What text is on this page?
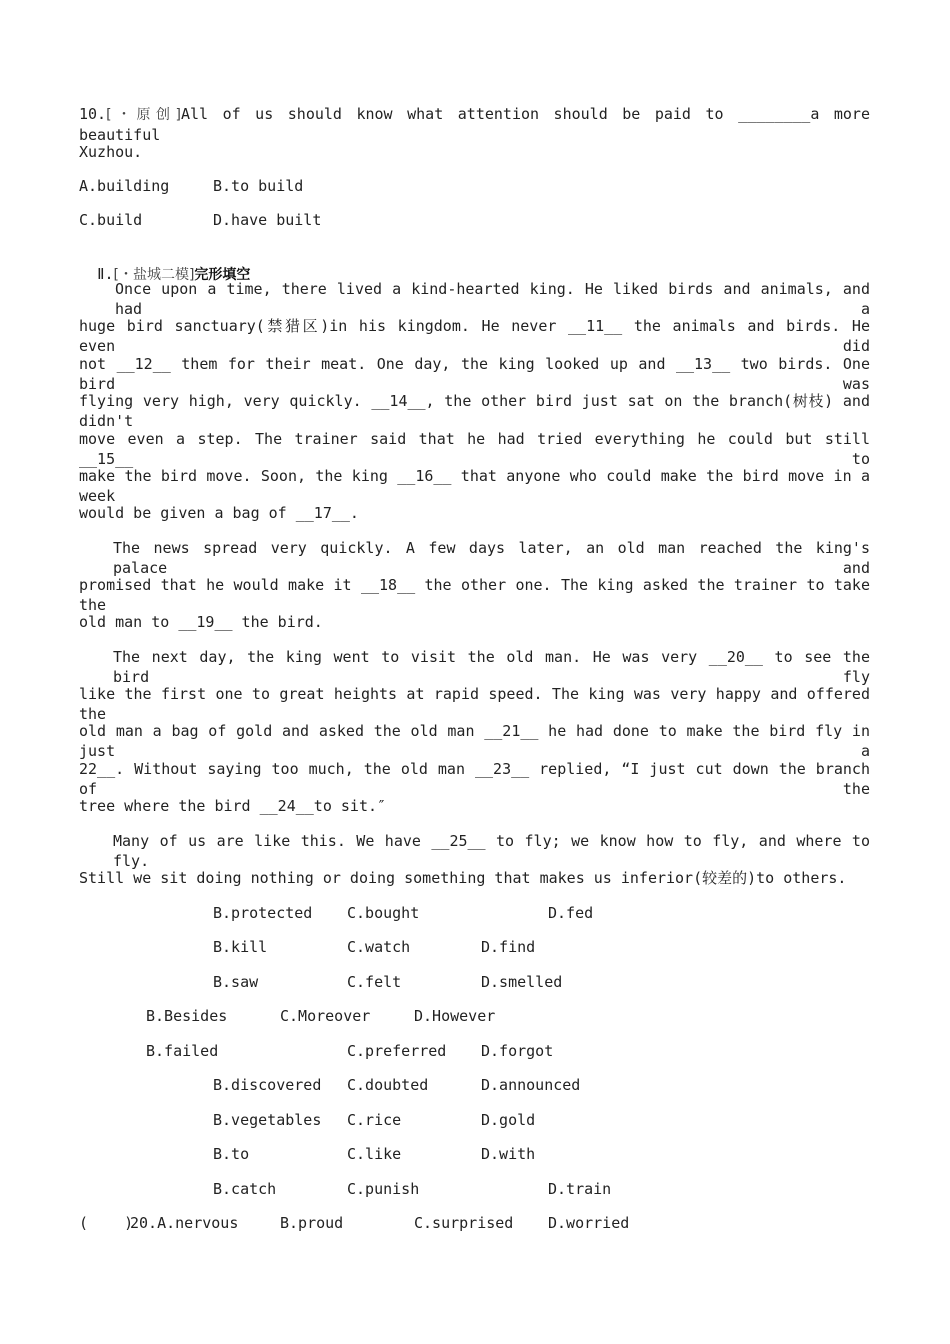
10.[・原创]All of us should know what attention should be paid to ________a more beautiful
Xuzhou.
A.building	B.to build
C.build	D.have built

Ⅱ.[・盐城二模]完形填空

Once upon a time, there lived a kind-hearted king. He liked birds and animals, and had a
huge bird sanctuary(禁猎区)in his kingdom. He never __11__ the animals and birds. He even did
not __12__ them for their meat. One day, the king looked up and __13__ two birds. One bird was
flying very high, very quickly. __14__, the other bird just sat on the branch(树枝) and didn't
move even a step. The trainer said that he had tried everything he could but still __15__ to
make the bird move. Soon, the king __16__ that anyone who could make the bird move in a week
would be given a bag of __17__.
The news spread very quickly. A few days later, an old man reached the king's palace and
promised that he would make it __18__ the other one. The king asked the trainer to take the
old man to __19__ the bird.
The next day, the king went to visit the old man. He was very __20__ to see the bird fly
like the first one to great heights at rapid speed. The king was very happy and offered the
old man a bag of gold and asked the old man __21__ he had done to make the bird fly in just a
22__. Without saying too much, the old man __23__ replied, “I just cut down the branch of the
tree where the bird __24__to sit.″
Many of us are like this. We have __25__ to fly; we know how to fly, and where to fly.
Still we sit doing nothing or doing something that makes us inferior(较差的)to others.
B.protected C.bought	D.fed
B.kill	C.watch	D.find
B.saw	C.felt	D.smelled
B.Besides	C.Moreover	D.However
B.failed	C.preferred D.forgot
B.discovered C.doubted	D.announced
B.vegetables C.rice	D.gold
B.to	C.like	D.with
B.catch	C.punish	D.train
(    )
20.A.nervous	B.proud	C.surprised D.worried
